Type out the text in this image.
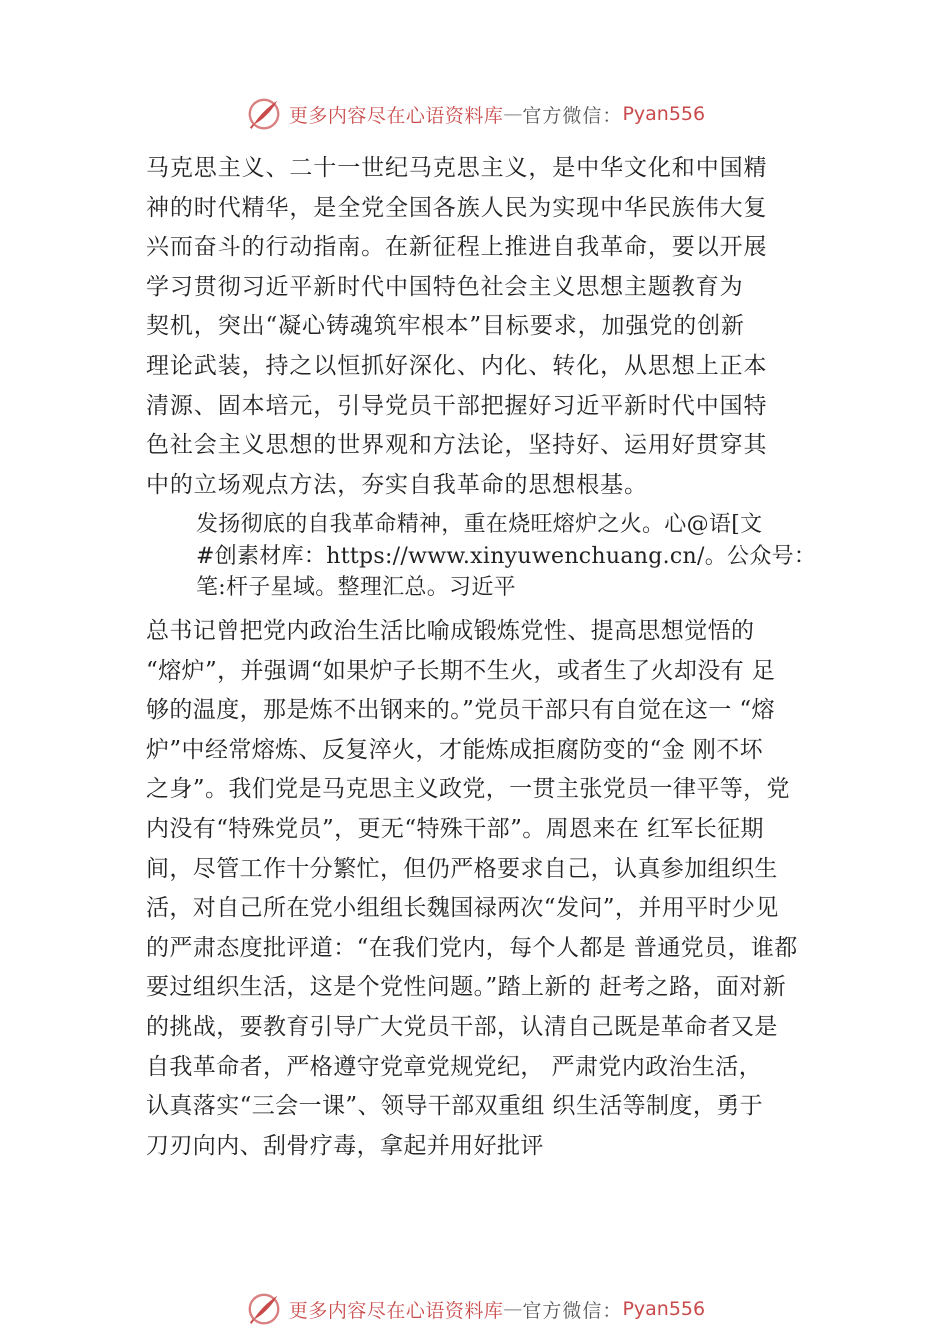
更多内容尽在心语资料库 — 官方微信： Pyan556
马克思主义、二十一世纪马克思主义，是中华文化和中国精
神的时代精华，是全党全国各族人民为实现中华民族伟大复
兴而奋斗的行动指南。在新征程上推进自我革命，要以开展
学习贯彻习近平新时代中国特色社会主义思想主题教育为
契机，突出“凝心铸魂筑牢根本”目标要求，加强党的创新
理论武装，持之以恒抓好深化、内化、转化，从思想上正本
清源、固本培元，引导党员干部把握好习近平新时代中国特
色社会主义思想的世界观和方法论，坚持好、运用好贯穿其
中的立场观点方法，夯实自我革命的思想根基。
发扬彻底的自我革命精神，重在烧旺熔炉之火。心@语[文
#创素材库：https://www.xinyuwenchuang.cn/。公众号：
笔:杆子星域。整理汇总。习近平
总书记曾把党内政治生活比喻成锻炼党性、提高思想觉悟的
“熔炉”，并强调“如果炉子长期不生火，或者生了火却没有 足
够的温度，那是炼不出钢来的。”党员干部只有自觉在这一 “熔
炉”中经常熔炼、反复淬火，才能炼成拒腐防变的“金 刚不坏
之身”。我们党是马克思主义政党，一贯主张党员一律平等，党
内没有“特殊党员”，更无“特殊干部”。周恩来在 红军长征期
间，尽管工作十分繁忙，但仍严格要求自己，认真参加组织生
活，对自己所在党小组组长魏国禄两次“发问”，并用平时少见
的严肃态度批评道：“在我们党内，每个人都是 普通党员，谁都
要过组织生活，这是个党性问题。”踏上新的 赶考之路，面对新
的挑战，要教育引导广大党员干部，认清自己既是革命者又是
自我革命者，严格遵守党章党规党纪， 严肃党内政治生活，
认真落实“三会一课”、领导干部双重组 织生活等制度，勇于
刀刃向内、刮骨疗毒，拿起并用好批评
更多内容尽在心语资料库 — 官方微信： Pyan556
